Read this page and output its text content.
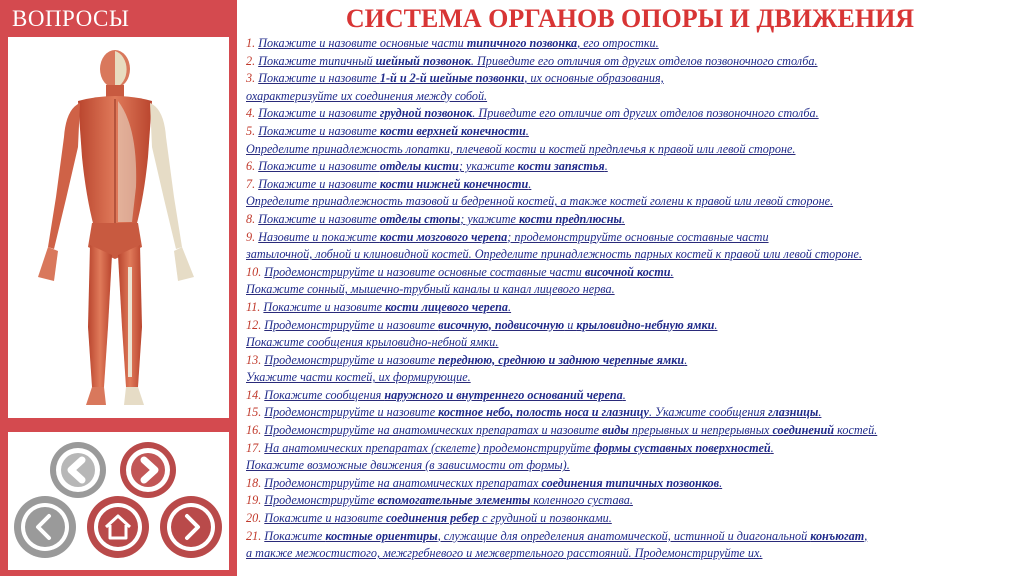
ВОПРОСЫ	СИСТЕМА ОРГАНОВ ОПОРЫ И ДВИЖЕНИЯ
1. Покажите и назовите основные части типичного позвонка, его отростки.
2. Покажите типичный шейный позвонок. Приведите его отличия от других отделов позвоночного столба.
3. Покажите и назовите 1-й и 2-й шейные позвонки, их основные образования,
охарактеризуйте их соединения между собой.
4. Покажите и назовите грудной позвонок. Приведите его отличие от других отделов позвоночного столба.
5. Покажите и назовите кости верхней конечности.
Определите принадлежность лопатки, плечевой кости и костей предплечья к правой или левой стороне.
6. Покажите и назовите отделы кисти; укажите кости запястья.
7. Покажите и назовите кости нижней конечности.
Определите принадлежность тазовой и бедренной костей, а также костей голени к правой или левой стороне.
8. Покажите и назовите отделы стопы; укажите кости предплюсны.
9. Назовите и покажите кости мозгового черепа; продемонстрируйте основные составные части
затылочной, лобной и клиновидной костей. Определите принадлежность парных костей к правой или левой стороне.
10. Продемонстрируйте и назовите основные составные части височной кости.
Покажите сонный, мышечно-трубный каналы и канал лицевого нерва.
11. Покажите и назовите кости лицевого черепа.
12. Продемонстрируйте и назовите височную, подвисочную и крыловидно-небную ямки.
Покажите сообщения крыловидно-небной ямки.
13. Продемонстрируйте и назовите переднюю, среднюю и заднюю черепные ямки.
Укажите части костей, их формирующие.
14. Покажите сообщения наружного и внутреннего оснований черепа.
15. Продемонстрируйте и назовите костное небо, полость носа и глазницу. Укажите сообщения глазницы.
16. Продемонстрируйте на анатомических препаратах и назовите виды прерывных и непрерывных соединений костей.
17. На анатомических препаратах (скелете) продемонстрируйте формы суставных поверхностей.
Покажите возможные движения (в зависимости от формы).
18. Продемонстрируйте на анатомических препаратах соединения типичных позвонков.
19. Продемонстрируйте вспомогательные элементы коленного сустава.
20. Покажите и назовите соединения ребер с грудиной и позвонками.
21. Покажите костные ориентиры, служащие для определения анатомической, истинной и диагональной конъюгат,
а также межостистого, межгребневого и межвертельного расстояний. Продемонстрируйте их.
